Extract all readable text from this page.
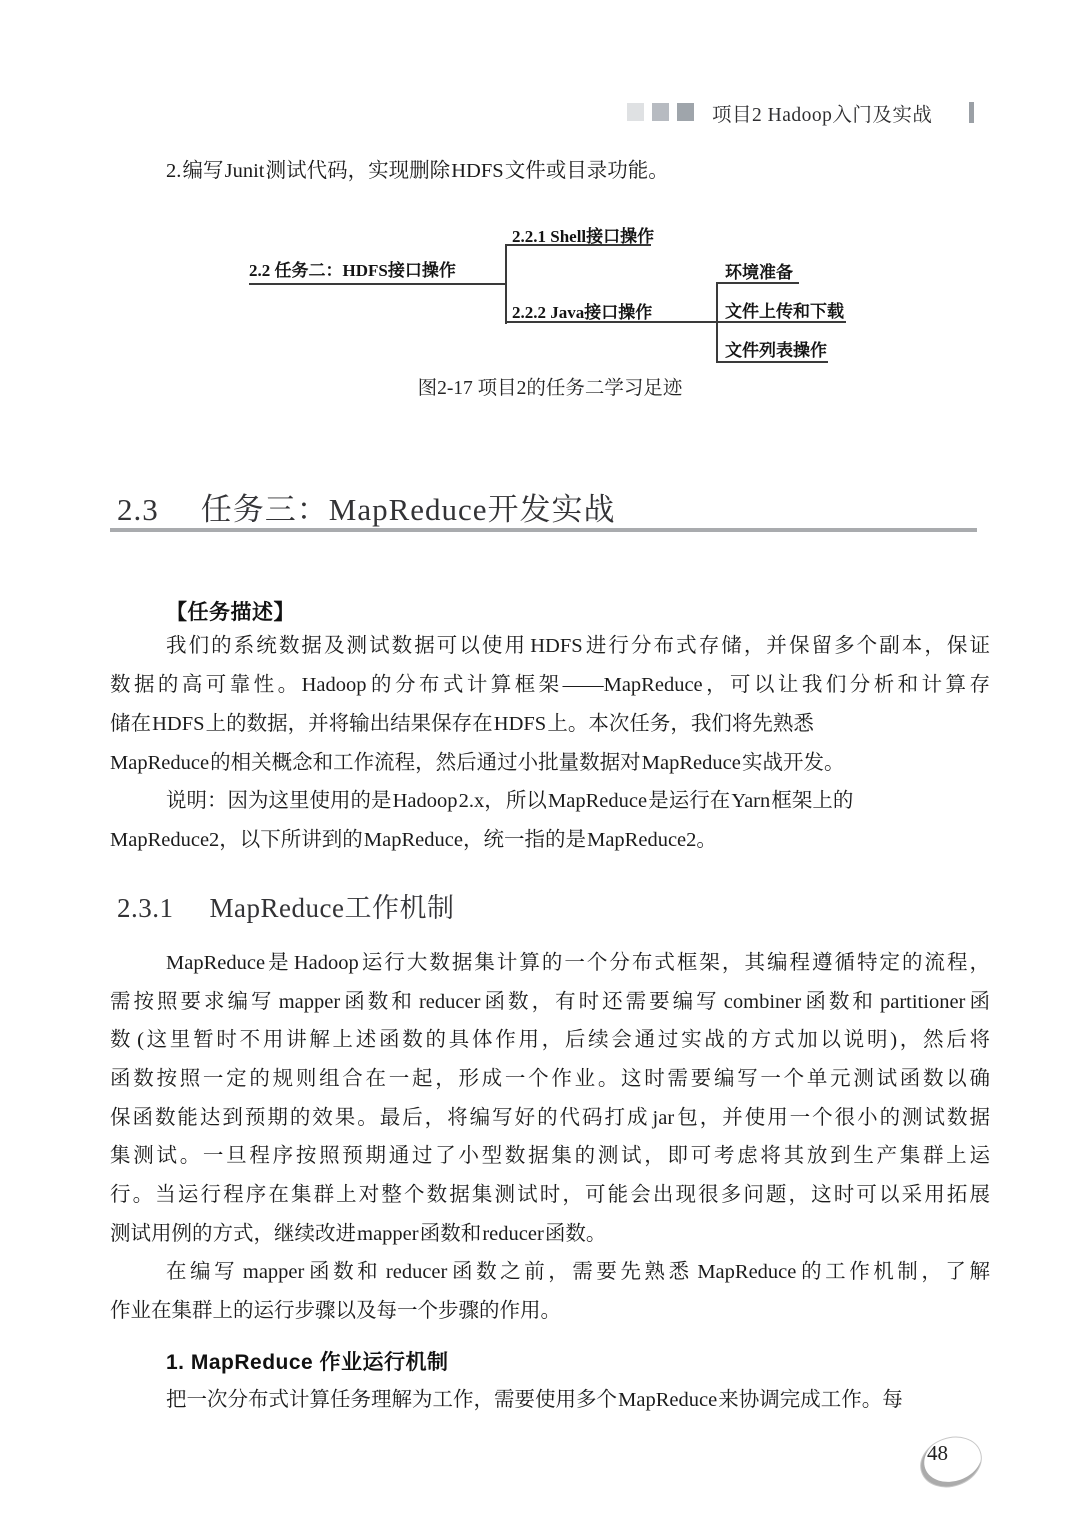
项目2 Hadoop入门及实战
2. 编写 Junit 测试代码，实现删除 HDFS 文件或目录功能。
2.2 任务二：HDFS接口操作
2.2.1 Shell接口操作
2.2.2 Java接口操作
环境准备
文件上传和下载
文件列表操作
图2-17 项目2的任务二学习足迹
2.3 任务三：MapReduce开发实战
【任务描述】
我们的系统数据及测试数据可以使用 HDFS 进行分布式存储，并保留多个副本，保证
数据的高可靠性。Hadoop 的分布式计算框架——MapReduce，可以让我们分析和计算存
储在 HDFS 上的数据，并将输出结果保存在 HDFS 上。本次任务，我们将先熟悉
MapReduce 的相关概念和工作流程，然后通过小批量数据对 MapReduce 实战开发。
说明：因为这里使用的是 Hadoop 2.x， 所以 MapReduce 是运行在 Yarn 框架上的
MapReduce2，以下所讲到的 MapReduce，统一指的是 MapReduce2。
2.3.1 MapReduce工作机制
MapReduce 是 Hadoop 运行大数据集计算的一个分布式框架，其编程遵循特定的流程，
需按照要求编写 mapper 函数和 reducer 函数，有时还需要编写 combiner 函数和 partitioner 函
数 (这里暂时不用讲解上述函数的具体作用，后续会通过实战的方式加以说明)，然后将
函数按照一定的规则组合在一起，形成一个作业。这时需要编写一个单元测试函数以确
保函数能达到预期的效果。最后，将编写好的代码打成 jar 包，并使用一个很小的测试数据
集测试。一旦程序按照预期通过了小型数据集的测试，即可考虑将其放到生产集群上运
行。当运行程序在集群上对整个数据集测试时，可能会出现很多问题，这时可以采用拓展
测试用例的方式，继续改进 mapper 函数和 reducer 函数。
在编写 mapper 函数和 reducer 函数之前，需要先熟悉 MapReduce 的工作机制，了解
作业在集群上的运行步骤以及每一个步骤的作用。
1. MapReduce 作业运行机制
把一次分布式计算任务理解为工作，需要使用多个 MapReduce 来协调完成工作。每
48
